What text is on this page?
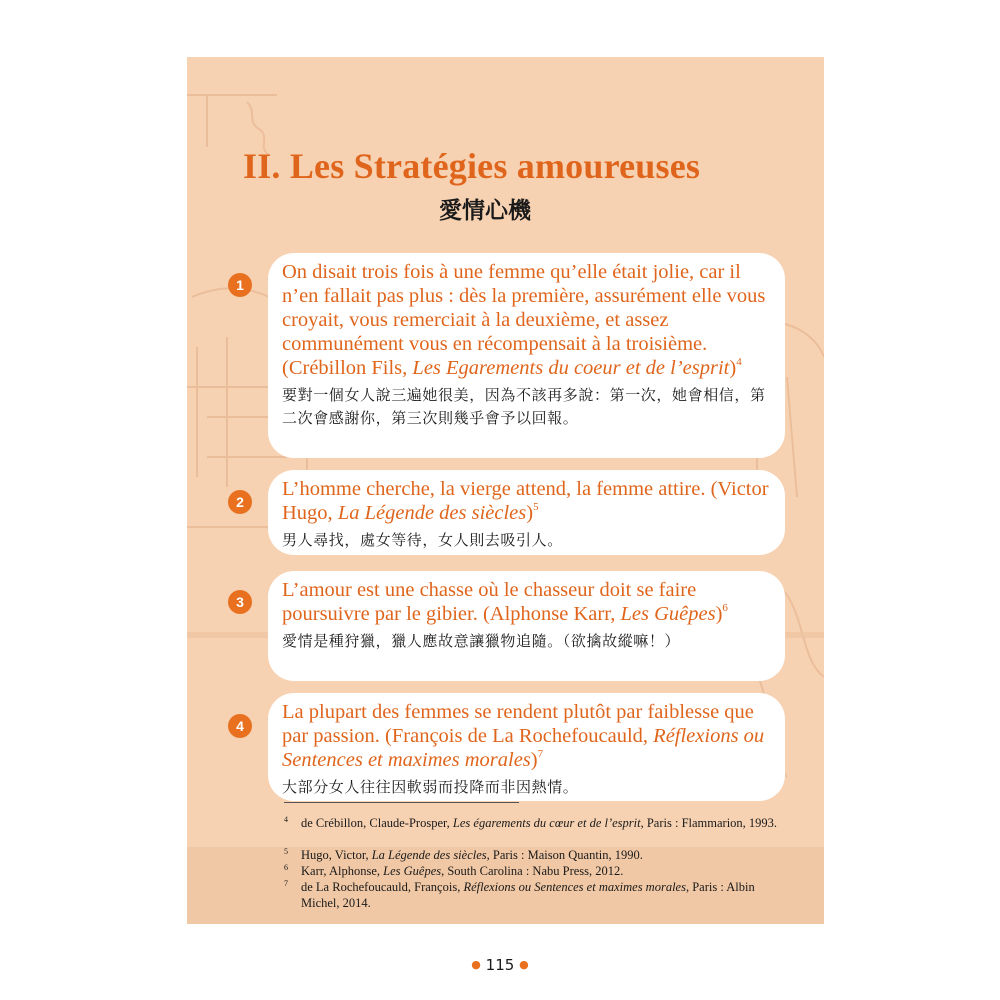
II. Les Stratégies amoureuses
愛情心機

On disait trois fois à une femme qu’elle était jolie, car il n’en fallait pas plus : dès la première, assurément elle vous croyait, vous remerciait à la deuxième, et assez communément vous en récompensait à la troisième. (Crébillon Fils, Les Egarements du coeur et de l’esprit)$^4$

要對一個女人說三遍她很美，因為不該再多說：第一次，她會相信，第二次會感謝你，第三次則幾乎會予以回報。

1

L’homme cherche, la vierge attend, la femme attire. (Victor Hugo, La Légende des siècles)$^5$

男人尋找，處女等待，女人則去吸引人。

2

L’amour est une chasse où le chasseur doit se faire poursuivre par le gibier. (Alphonse Karr, Les Guêpes)$^6$

愛情是種狩獵，獵人應故意讓獵物追隨。（欲擒故縱嘛！）

3

La plupart des femmes se rendent plutôt par faiblesse que par passion. (François de La Rochefoucauld, Réflexions ou Sentences et maximes morales)$^7$

大部分女人往往因軟弱而投降而非因熱情。

4
4	de Crébillon, Claude-Prosper, Les égarements du cœur et de l’esprit, Paris : Flammarion, 1993.
5	Hugo, Victor, La Légende des siècles, Paris : Maison Quantin, 1990.
6	Karr, Alphonse, Les Guêpes, South Carolina : Nabu Press, 2012.
7	de La Rochefoucauld, François, Réflexions ou Sentences et maximes morales, Paris : Albin Michel, 2014.
● 115 ●
